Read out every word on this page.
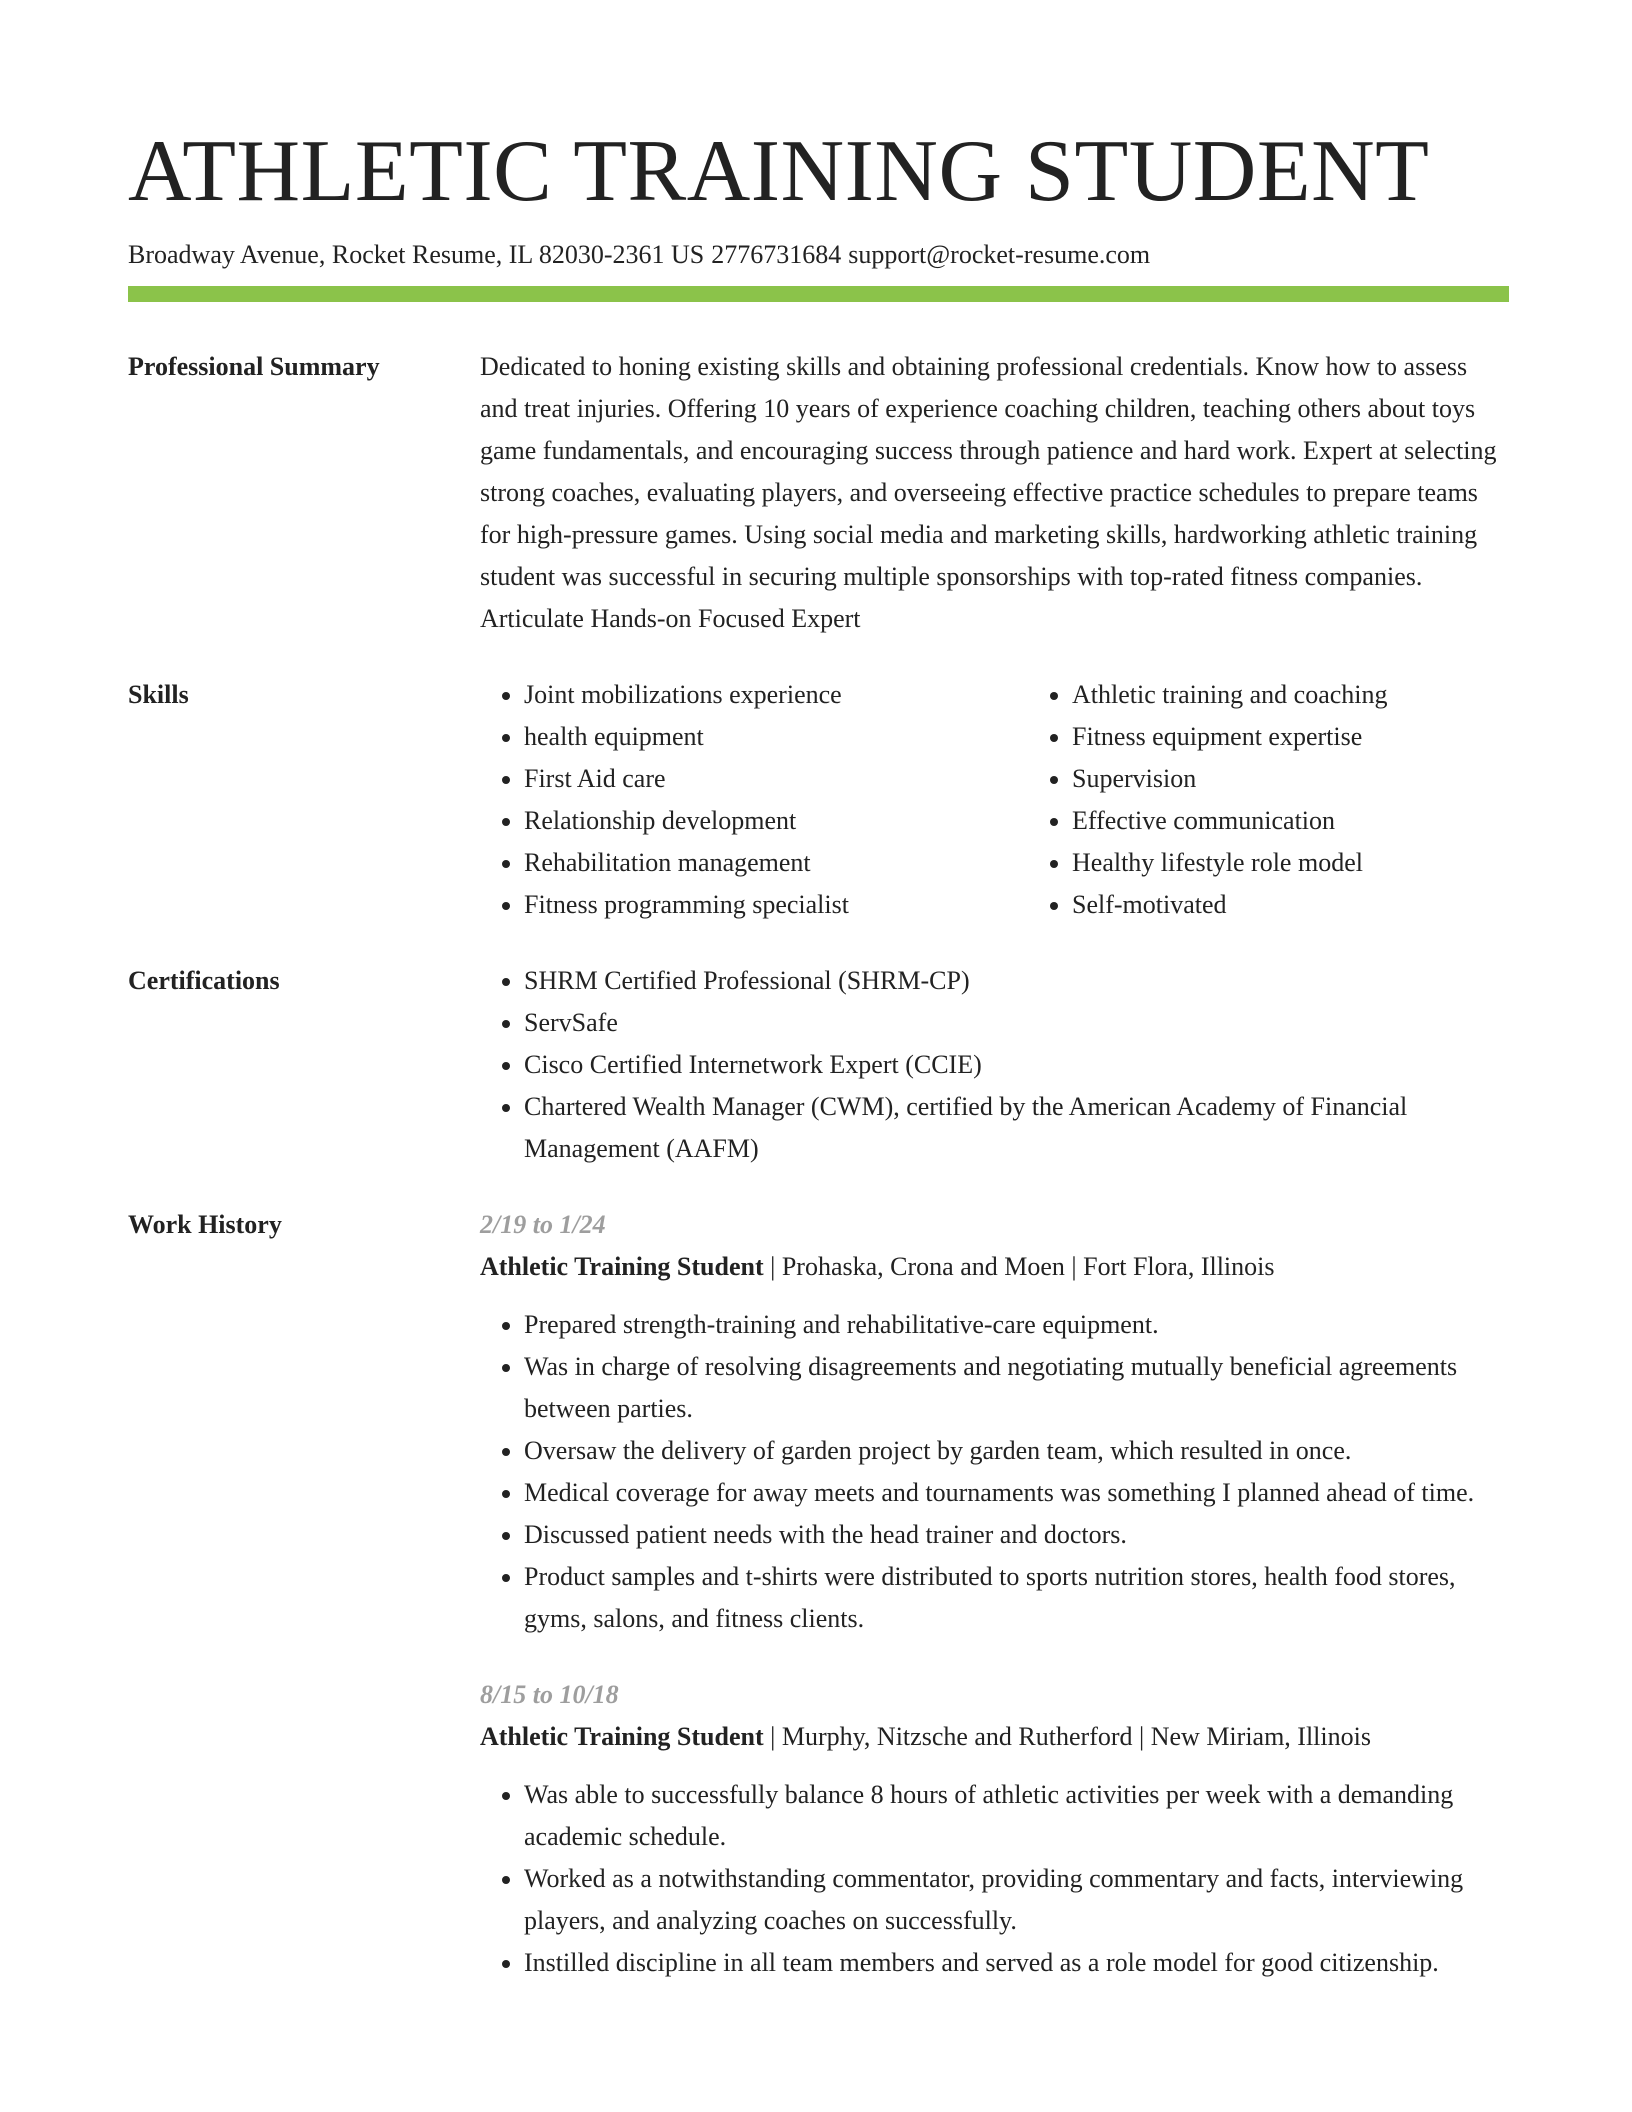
ATHLETIC TRAINING STUDENT
Broadway Avenue, Rocket Resume, IL 82030-2361 US 2776731684 support@rocket-resume.com
Professional Summary	Dedicated to honing existing skills and obtaining professional credentials. Know how to assess and treat injuries. Offering 10 years of experience coaching children, teaching others about toys game fundamentals, and encouraging success through patience and hard work. Expert at selecting strong coaches, evaluating players, and overseeing effective practice schedules to prepare teams for high-pressure games. Using social media and marketing skills, hardworking athletic training student was successful in securing multiple sponsorships with top-rated fitness companies. Articulate Hands-on Focused Expert

Skills	• Joint mobilizations experience
• health equipment
• First Aid care
• Relationship development
• Rehabilitation management
• Fitness programming specialist
• Athletic training and coaching
• Fitness equipment expertise
• Supervision
• Effective communication
• Healthy lifestyle role model
• Self-motivated
Certifications	• SHRM Certified Professional (SHRM-CP)
• ServSafe
• Cisco Certified Internetwork Expert (CCIE)
• Chartered Wealth Manager (CWM), certified by the American Academy of Financial Management (AAFM)
Work History	2/19 to 1/24
Athletic Training Student | Prohaska, Crona and Moen | Fort Flora, Illinois
• Prepared strength-training and rehabilitative-care equipment.
• Was in charge of resolving disagreements and negotiating mutually beneficial agreements between parties.
• Oversaw the delivery of garden project by garden team, which resulted in once.
• Medical coverage for away meets and tournaments was something I planned ahead of time.
• Discussed patient needs with the head trainer and doctors.
• Product samples and t-shirts were distributed to sports nutrition stores, health food stores, gyms, salons, and fitness clients.
8/15 to 10/18
Athletic Training Student | Murphy, Nitzsche and Rutherford | New Miriam, Illinois
• Was able to successfully balance 8 hours of athletic activities per week with a demanding academic schedule.
• Worked as a notwithstanding commentator, providing commentary and facts, interviewing players, and analyzing coaches on successfully.
• Instilled discipline in all team members and served as a role model for good citizenship.
